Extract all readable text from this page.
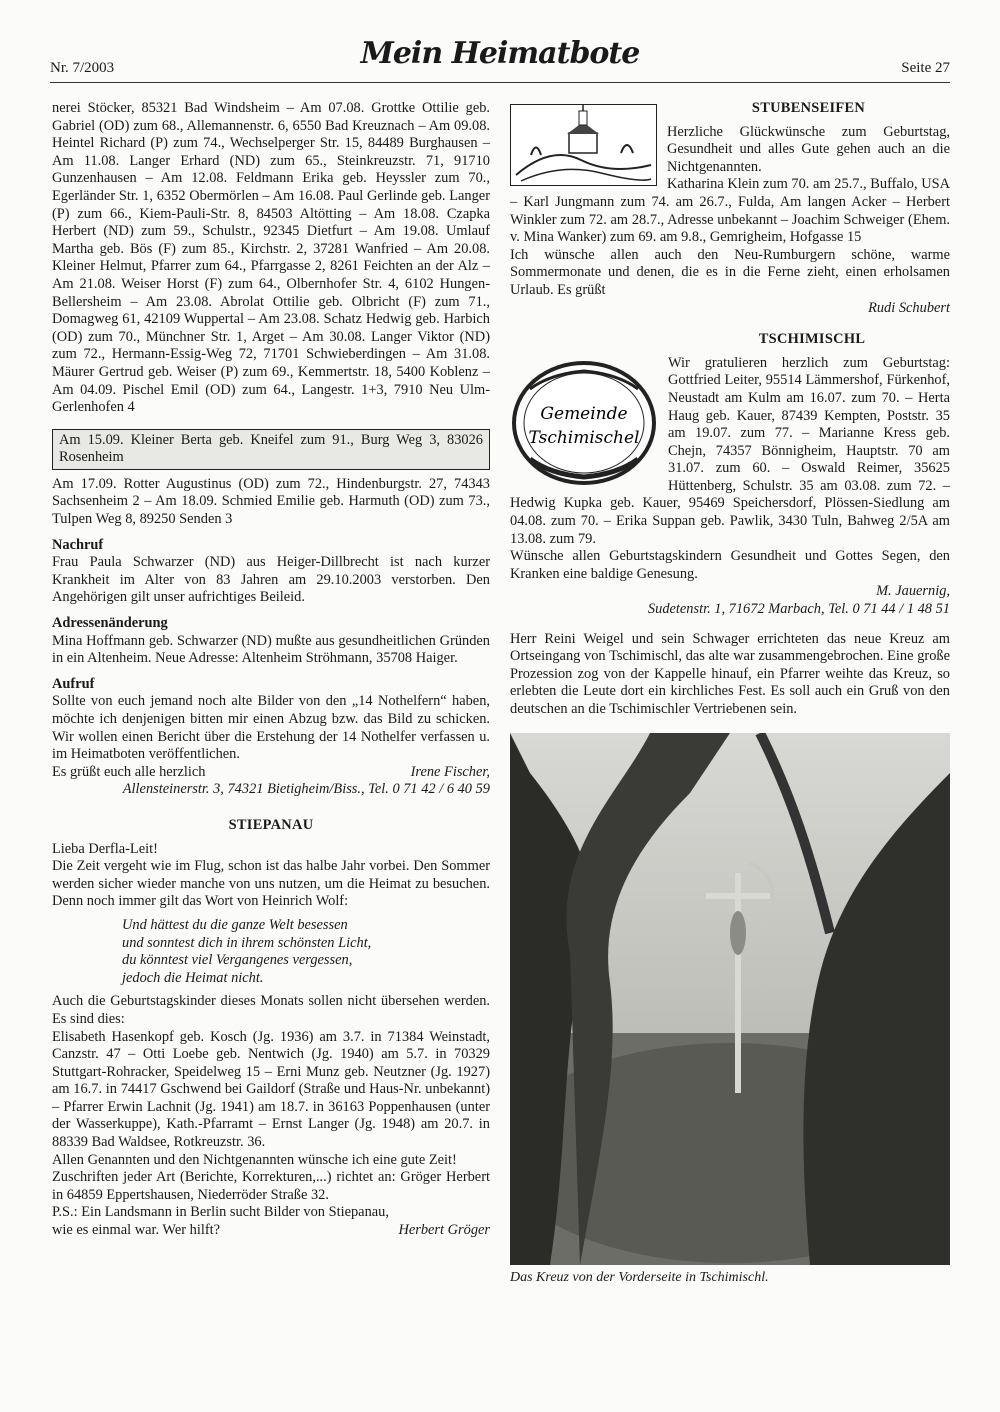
Nr. 7/2003	Mein Heimatbote	Seite 27

nerei Stöcker, 85321 Bad Windsheim – Am 07.08. Grottke Ottilie geb. Gabriel (OD) zum 68., Allemannenstr. 6, 6550 Bad Kreuznach – Am 09.08. Heintel Richard (P) zum 74., Wechselperger Str. 15, 84489 Burghausen – Am 11.08. Langer Erhard (ND) zum 65., Steinkreuzstr. 71, 91710 Gunzenhausen – Am 12.08. Feldmann Erika geb. Heyssler zum 70., Egerländer Str. 1, 6352 Obermörlen – Am 16.08. Paul Gerlinde geb. Langer (P) zum 66., Kiem-Pauli-Str. 8, 84503 Altötting – Am 18.08. Czapka Herbert (ND) zum 59., Schulstr., 92345 Dietfurt – Am 19.08. Umlauf Martha geb. Bös (F) zum 85., Kirchstr. 2, 37281 Wanfried – Am 20.08. Kleiner Helmut, Pfarrer zum 64., Pfarrgasse 2, 8261 Feichten an der Alz – Am 21.08. Weiser Horst (F) zum 64., Olbernhofer Str. 4, 6102 Hungen-Bellersheim – Am 23.08. Abrolat Ottilie geb. Olbricht (F) zum 71., Domagweg 61, 42109 Wuppertal – Am 23.08. Schatz Hedwig geb. Harbich (OD) zum 70., Münchner Str. 1, Arget – Am 30.08. Langer Viktor (ND) zum 72., Hermann-Essig-Weg 72, 71701 Schwieberdingen – Am 31.08. Mäurer Gertrud geb. Weiser (P) zum 69., Kemmertstr. 18, 5400 Koblenz – Am 04.09. Pischel Emil (OD) zum 64., Langestr. 1+3, 7910 Neu Ulm-Gerlenhofen 4

Am 15.09. Kleiner Berta geb. Kneifel zum 91., Burg Weg 3, 83026 Rosenheim

Am 17.09. Rotter Augustinus (OD) zum 72., Hindenburgstr. 27, 74343 Sachsenheim 2 – Am 18.09. Schmied Emilie geb. Harmuth (OD) zum 73., Tulpen Weg 8, 89250 Senden 3

Nachruf

Frau Paula Schwarzer (ND) aus Heiger-Dillbrecht ist nach kurzer Krankheit im Alter von 83 Jahren am 29.10.2003 verstorben. Den Angehörigen gilt unser aufrichtiges Beileid.

Adressenänderung

Mina Hoffmann geb. Schwarzer (ND) mußte aus gesundheitlichen Gründen in ein Altenheim. Neue Adresse: Altenheim Ströhmann, 35708 Haiger.

Aufruf

Sollte von euch jemand noch alte Bilder von den „14 Nothelfern“ haben, möchte ich denjenigen bitten mir einen Abzug bzw. das Bild zu schicken. Wir wollen einen Bericht über die Erstehung der 14 Nothelfer verfassen u. im Heimatboten veröffentlichen.

Es grüßt euch alle herzlich	Irene Fischer,

Allensteinerstr. 3, 74321 Bietigheim/Biss., Tel. 0 71 42 / 6 40 59

STIEPANAU

Lieba Derfla-Leit!

Die Zeit vergeht wie im Flug, schon ist das halbe Jahr vorbei. Den Sommer werden sicher wieder manche von uns nutzen, um die Heimat zu besuchen. Denn noch immer gilt das Wort von Heinrich Wolf:

Und hättest du die ganze Welt besessen
und sonntest dich in ihrem schönsten Licht,
du könntest viel Vergangenes vergessen,
jedoch die Heimat nicht.

Auch die Geburtstagskinder dieses Monats sollen nicht übersehen werden. Es sind dies:

Elisabeth Hasenkopf geb. Kosch (Jg. 1936) am 3.7. in 71384 Weinstadt, Canzstr. 47 – Otti Loebe geb. Nentwich (Jg. 1940) am 5.7. in 70329 Stuttgart-Rohracker, Speidelweg 15 – Erni Munz geb. Neutzner (Jg. 1927) am 16.7. in 74417 Gschwend bei Gaildorf (Straße und Haus-Nr. unbekannt) – Pfarrer Erwin Lachnit (Jg. 1941) am 18.7. in 36163 Poppenhausen (unter der Wasserkuppe), Kath.-Pfarramt – Ernst Langer (Jg. 1948) am 20.7. in 88339 Bad Waldsee, Rotkreuzstr. 36.

Allen Genannten und den Nichtgenannten wünsche ich eine gute Zeit!

Zuschriften jeder Art (Berichte, Korrekturen,...) richtet an: Gröger Herbert in 64859 Eppertshausen, Niederröder Straße 32.

P.S.: Ein Landsmann in Berlin sucht Bilder von Stiepanau, wie es einmal war. Wer hilft?	Herbert Gröger

STUBENSEIFEN

Herzliche Glückwünsche zum Geburtstag, Gesundheit und alles Gute gehen auch an die Nichtgenannten.

Katharina Klein zum 70. am 25.7., Buffalo, USA – Karl Jungmann zum 74. am 26.7., Fulda, Am langen Acker – Herbert Winkler zum 72. am 28.7., Adresse unbekannt – Joachim Schweiger (Ehem. v. Mina Wanker) zum 69. am 9.8., Gemrigheim, Hofgasse 15

Ich wünsche allen auch den Neu-Rumburgern schöne, warme Sommermonate und denen, die es in die Ferne zieht, einen erholsamen Urlaub. Es grüßt

Rudi Schubert

TSCHIMISCHL

Gemeinde
Tschimischel

Wir gratulieren herzlich zum Geburtstag: Gottfried Leiter, 95514 Lämmershof, Fürkenhof, Neustadt am Kulm am 16.07. zum 70. – Herta Haug geb. Kauer, 87439 Kempten, Poststr. 35 am 19.07. zum 77. – Marianne Kress geb. Chejn, 74357 Bönnigheim, Hauptstr. 70 am 31.07. zum 60. – Oswald Reimer, 35625 Hüttenberg, Schulstr. 35 am 03.08. zum 72. – Hedwig Kupka geb. Kauer, 95469 Speichersdorf, Plössen-Siedlung am 04.08. zum 70. – Erika Suppan geb. Pawlik, 3430 Tuln, Bahweg 2/5A am 13.08. zum 79.

Wünsche allen Geburtstagskindern Gesundheit und Gottes Segen, den Kranken eine baldige Genesung.

M. Jauernig,

Sudetenstr. 1, 71672 Marbach, Tel. 0 71 44 / 1 48 51

Herr Reini Weigel und sein Schwager errichteten das neue Kreuz am Ortseingang von Tschimischl, das alte war zusammengebrochen. Eine große Prozession zog von der Kappelle hinauf, ein Pfarrer weihte das Kreuz, so erlebten die Leute dort ein kirchliches Fest. Es soll auch ein Gruß von den deutschen an die Tschimischler Vertriebenen sein.

Das Kreuz von der Vorderseite in Tschimischl.
